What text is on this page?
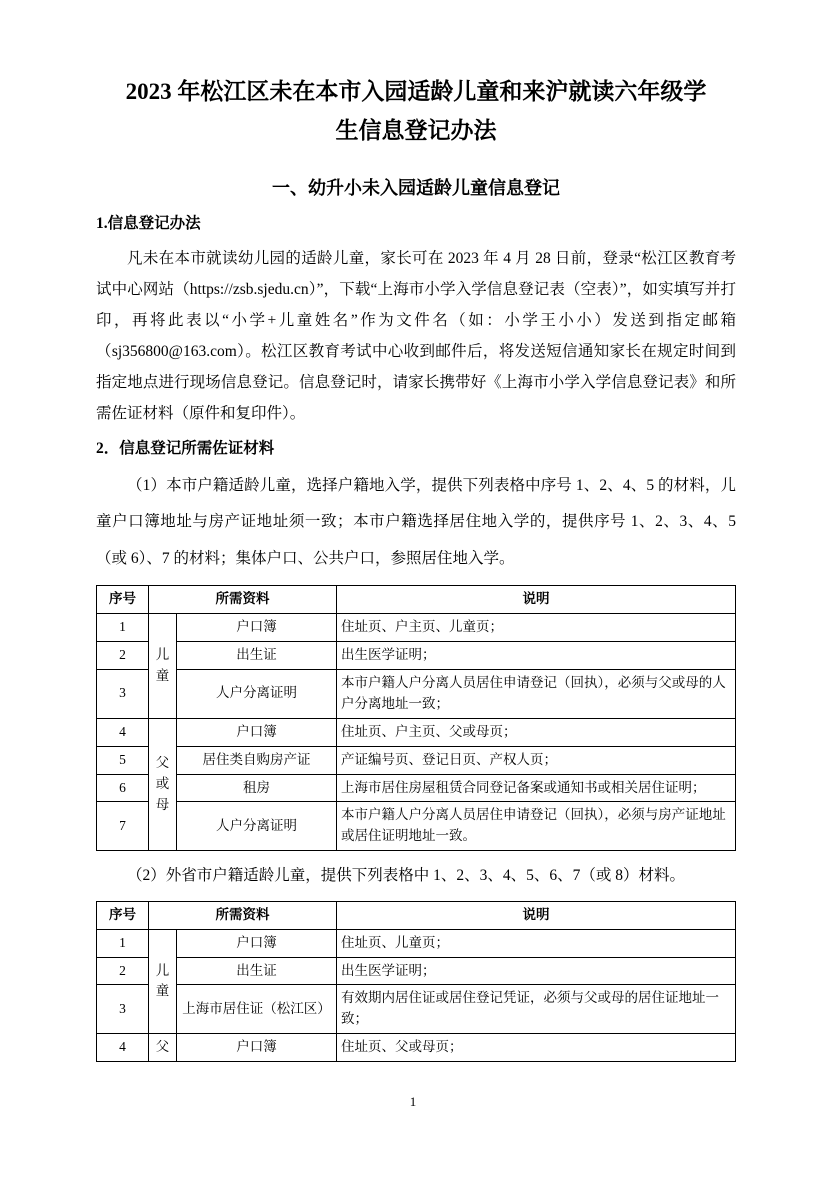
2023 年松江区未在本市入园适龄儿童和来沪就读六年级学
生信息登记办法
一、幼升小未入园适龄儿童信息登记
1.信息登记办法

凡未在本市就读幼儿园的适龄儿童，家长可在 2023 年 4 月 28 日前，登录“松江区教育考试中心网站（https://zsb.sjedu.cn）”，下载“上海市小学入学信息登记表（空表）”，如实填写并打印，再将此表以“小学+儿童姓名”作为文件名（如：小学王小小）发送到指定邮箱（sj356800@163.com）。松江区教育考试中心收到邮件后，将发送短信通知家长在规定时间到指定地点进行现场信息登记。信息登记时，请家长携带好《上海市小学入学信息登记表》和所需佐证材料（原件和复印件）。

2．信息登记所需佐证材料

（1）本市户籍适龄儿童，选择户籍地入学，提供下列表格中序号 1、2、4、5 的材料，儿童户口簿地址与房产证地址须一致；本市户籍选择居住地入学的，提供序号 1、2、3、4、5（或 6）、7 的材料；集体户口、公共户口，参照居住地入学。

序号	所需资料		说明
1	儿童	户口簿	住址页、户主页、儿童页；
2		出生证	出生医学证明；
3		人户分离证明	本市户籍人户分离人员居住申请登记（回执），必须与父或母的人户分离地址一致；
4	父或母	户口簿	住址页、户主页、父或母页；
5		居住类自购房产证	产证编号页、登记日页、产权人页；
6		租房	上海市居住房屋租赁合同登记备案或通知书或相关居住证明；
7		人户分离证明	本市户籍人户分离人员居住申请登记（回执），必须与房产证地址或居住证明地址一致。

（2）外省市户籍适龄儿童，提供下列表格中 1、2、3、4、5、6、7（或 8）材料。

序号	所需资料		说明
1	儿童	户口簿	住址页、儿童页；
2		出生证	出生医学证明；
3		上海市居住证（松江区）	有效期内居住证或居住登记凭证，必须与父或母的居住证地址一致；
4	父	户口簿	住址页、父或母页；
1
